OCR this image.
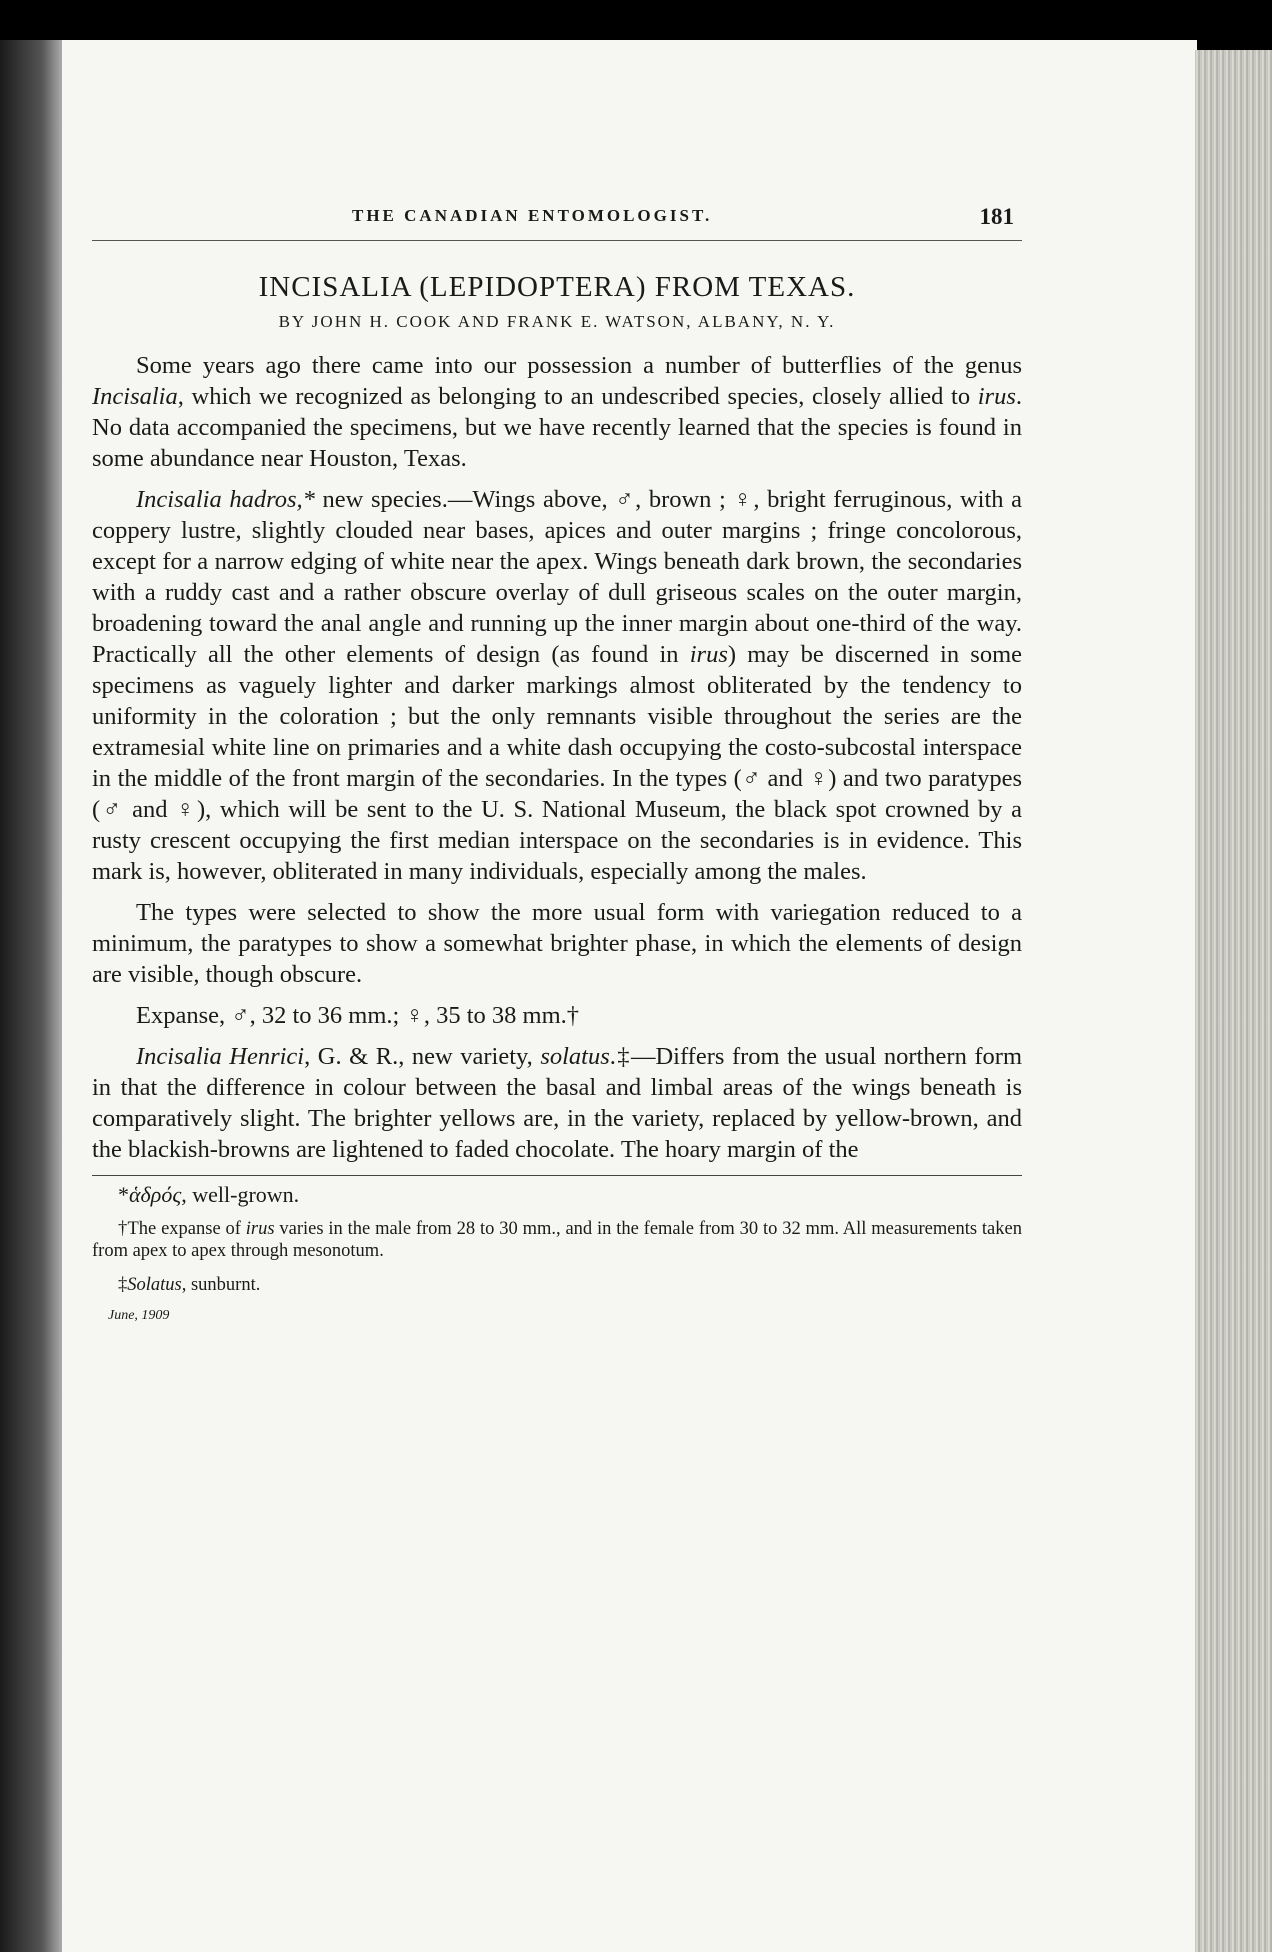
THE CANADIAN ENTOMOLOGIST.	181
INCISALIA (LEPIDOPTERA) FROM TEXAS.
BY JOHN H. COOK AND FRANK E. WATSON, ALBANY, N. Y.

Some years ago there came into our possession a number of butterflies of the genus Incisalia, which we recognized as belonging to an undescribed species, closely allied to irus. No data accompanied the specimens, but we have recently learned that the species is found in some abundance near Houston, Texas.

Incisalia hadros,* new species.—Wings above, ♂, brown ; ♀, bright ferruginous, with a coppery lustre, slightly clouded near bases, apices and outer margins ; fringe concolorous, except for a narrow edging of white near the apex. Wings beneath dark brown, the secondaries with a ruddy cast and a rather obscure overlay of dull griseous scales on the outer margin, broadening toward the anal angle and running up the inner margin about one-third of the way. Practically all the other elements of design (as found in irus) may be discerned in some specimens as vaguely lighter and darker markings almost obliterated by the tendency to uniformity in the coloration ; but the only remnants visible throughout the series are the extramesial white line on primaries and a white dash occupying the costo-subcostal interspace in the middle of the front margin of the secondaries. In the types (♂ and ♀) and two paratypes (♂ and ♀), which will be sent to the U. S. National Museum, the black spot crowned by a rusty crescent occupying the first median interspace on the secondaries is in evidence. This mark is, however, obliterated in many individuals, especially among the males.

The types were selected to show the more usual form with variegation reduced to a minimum, the paratypes to show a somewhat brighter phase, in which the elements of design are visible, though obscure.

Expanse, ♂, 32 to 36 mm.; ♀, 35 to 38 mm.†

Incisalia Henrici, G. & R., new variety, solatus.‡—Differs from the usual northern form in that the difference in colour between the basal and limbal areas of the wings beneath is comparatively slight. The brighter yellows are, in the variety, replaced by yellow-brown, and the blackish-browns are lightened to faded chocolate. The hoary margin of the

*ἁδρός, well-grown.

†The expanse of irus varies in the male from 28 to 30 mm., and in the female from 30 to 32 mm. All measurements taken from apex to apex through mesonotum.

‡Solatus, sunburnt.

June, 1909
